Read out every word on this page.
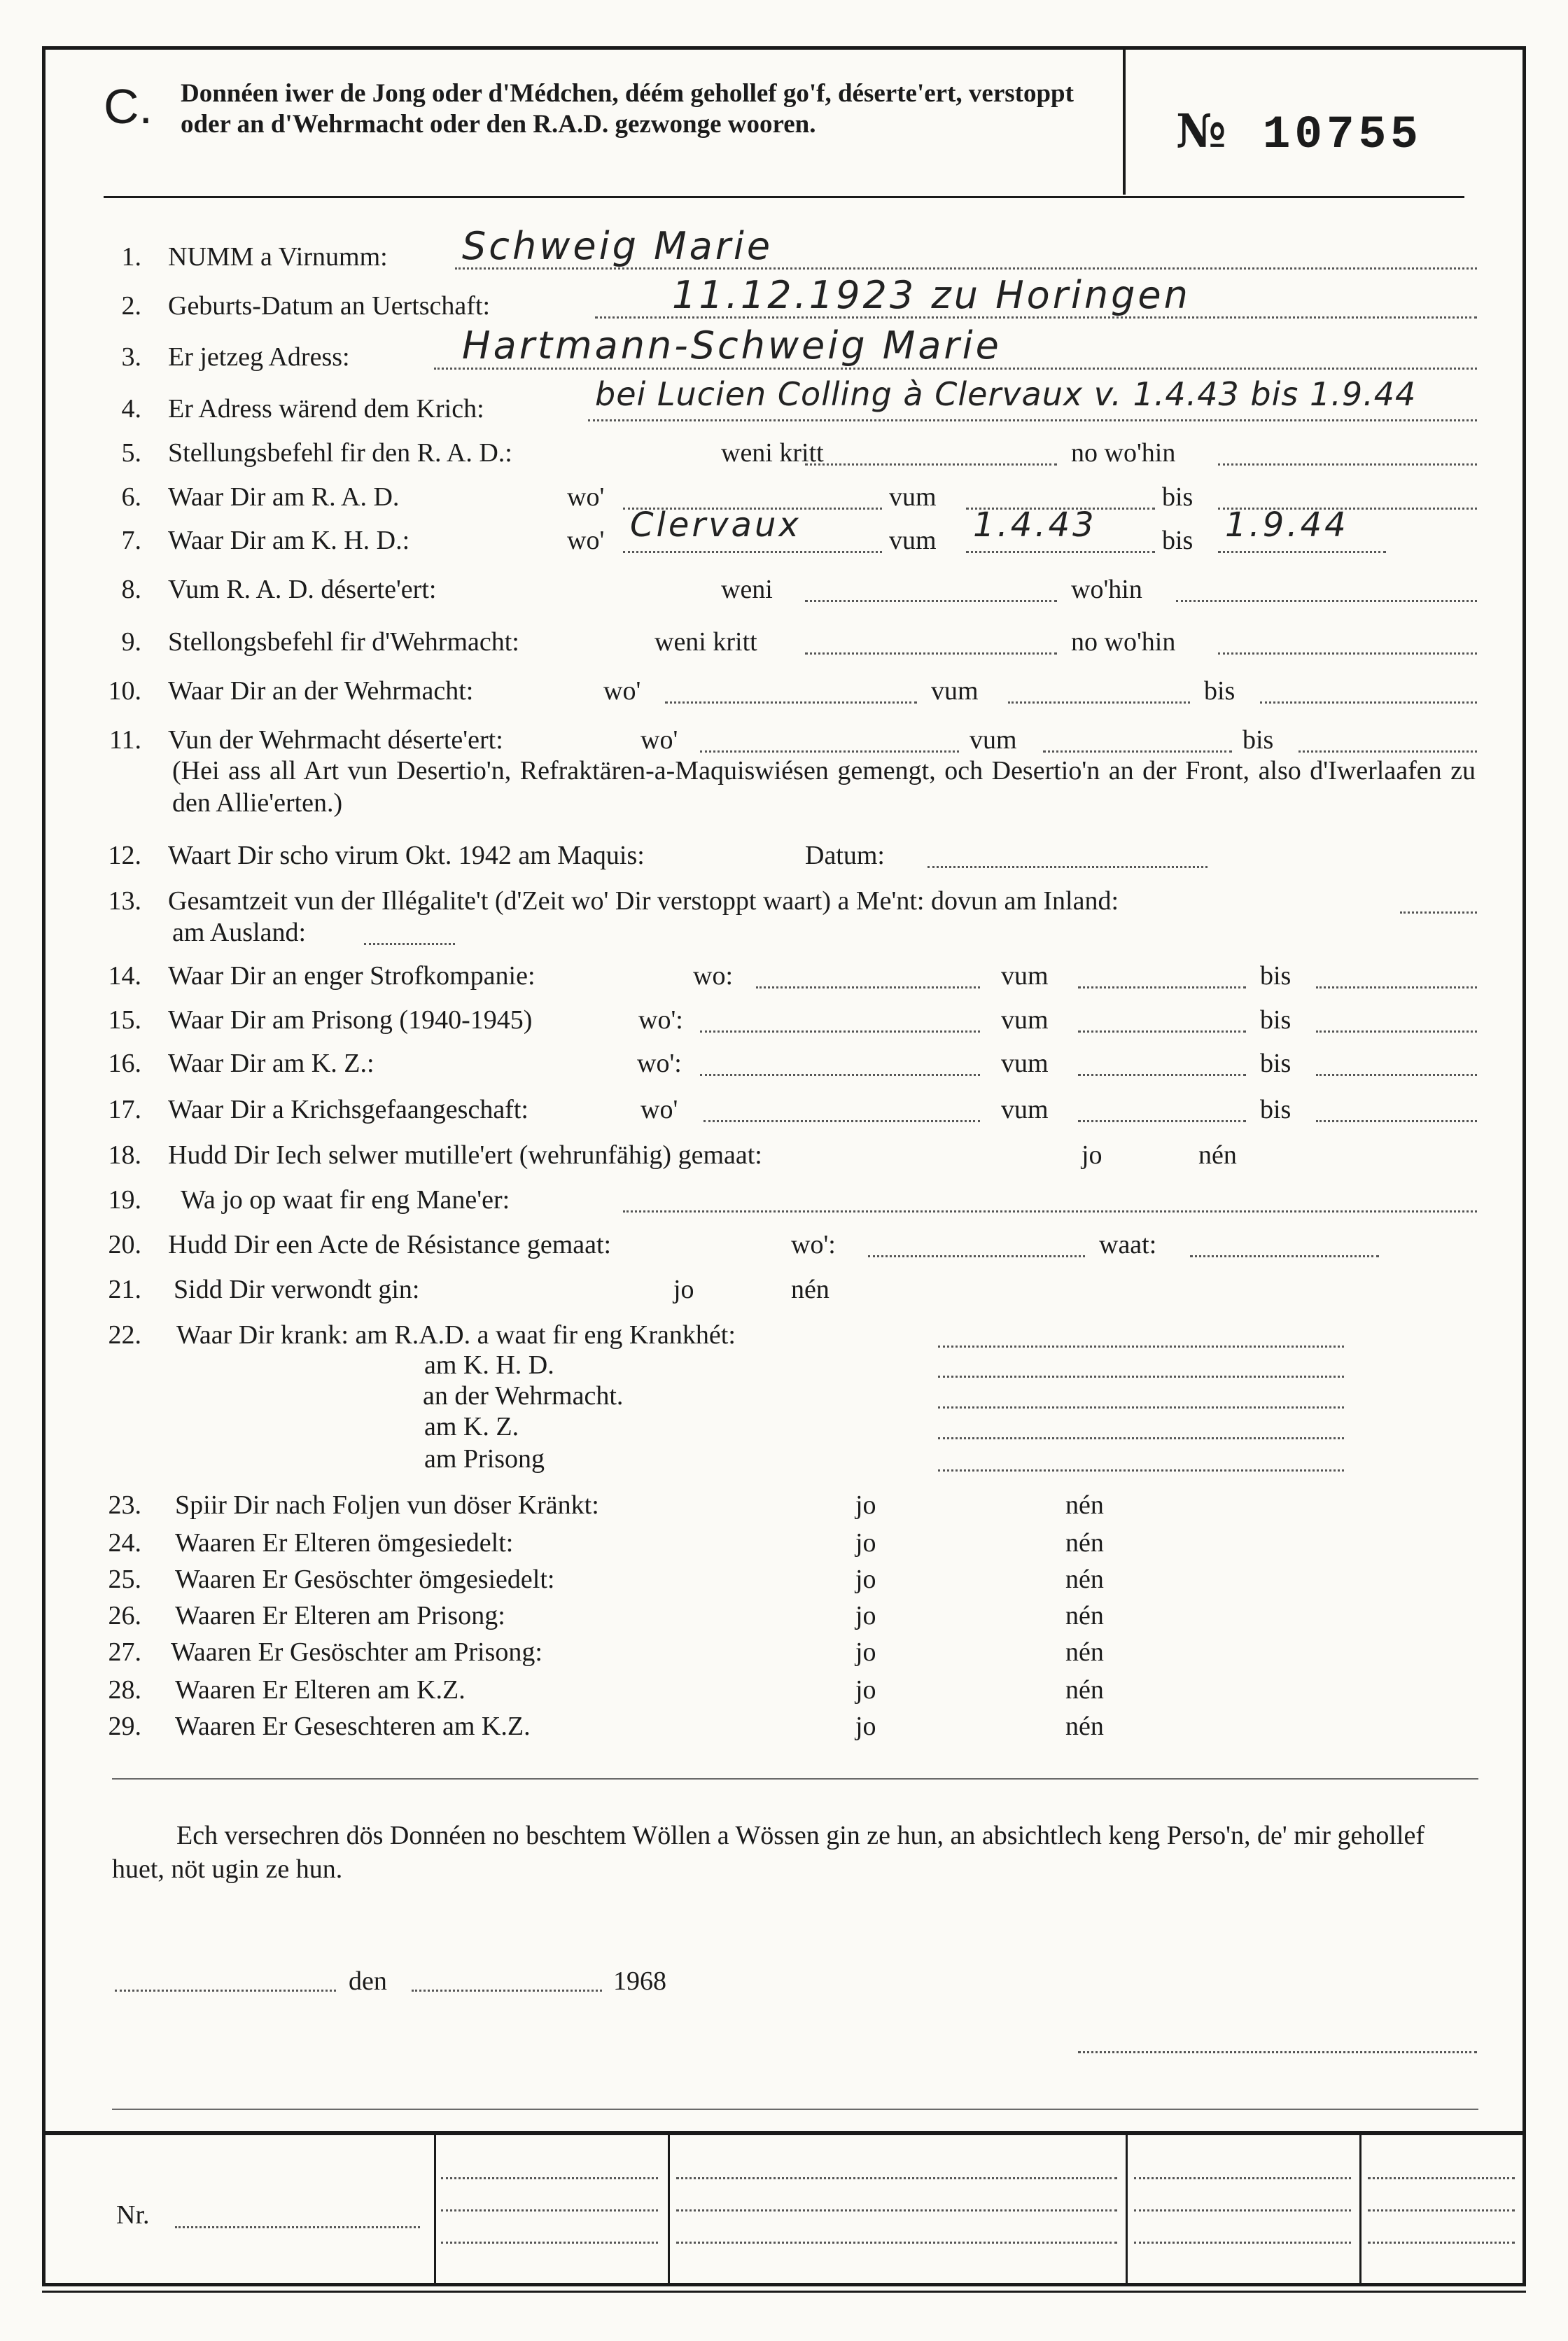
C. Donnéen iwer de Jong oder d'Médchen, déém gehollef go'f, déserte'ert, verstoppt oder an d'Wehrmacht oder den R.A.D. gezwonge wooren.	№ 10755
1. NUMM a Virnumm: Schweig Marie
2. Geburts-Datum an Uertschaft:	11.12.1923 zu Horingen
3. Er jetzeg Adress:	Hartmann-Schweig Marie
4. Er Adress wärend dem Krich:	bei Lucien Colling à Clervaux v. 1.4.43 bis 1.9.44
5. Stellungsbefehl fir den R. A. D.:	weni kritt	no wo'hin
6. Waar Dir am R. A. D.	wo'	vum	bis
7. Waar Dir am K. H. D.:	wo' Clervaux	vum 1.4.43 bis 1.9.44
8. Vum R. A. D. déserte'ert:	weni	wo'hin
9. Stellongsbefehl fir d'Wehrmacht:	weni kritt	no wo'hin
10. Waar Dir an der Wehrmacht:	wo'	vum	bis
11. Vun der Wehrmacht déserte'ert:	wo'	vum	bis
(Hei ass all Art vun Desertio'n, Refraktären-a-Maquiswiésen gemengt, och Desertio'n an der Front, also d'Iwerlaafen zu den Allie'erten.)
12. Waart Dir scho virum Okt. 1942 am Maquis:	Datum:
13. Gesamtzeit vun der Illégalite't (d'Zeit wo' Dir verstoppt waart) a Me'nt: dovun am Inland:
am Ausland:
14. Waar Dir an enger Strofkompanie:	wo:	vum	bis
15. Waar Dir am Prisong (1940-1945)	wo':	vum	bis
16. Waar Dir am K. Z.:	wo':	vum	bis
17. Waar Dir a Krichsgefaangeschaft:	wo'	vum	bis
18. Hudd Dir Iech selwer mutille'ert (wehrunfähig) gemaat:	jo	nén
19. Wa jo op waat fir eng Mane'er:
20. Hudd Dir een Acte de Résistance gemaat:	wo':	waat:
21. Sidd Dir verwondt gin:	jo	nén
22. Waar Dir krank: am R.A.D. a waat fir eng Krankhét:
am K. H. D.
an der Wehrmacht.
am K. Z.
am Prisong
23. Spiir Dir nach Foljen vun döser Kränkt:	jo	nén
24. Waaren Er Elteren ömgesiedelt:	jo	nén
25. Waaren Er Gesöschter ömgesiedelt:	jo	nén
26. Waaren Er Elteren am Prisong:	jo	nén
27. Waaren Er Gesöschter am Prisong:	jo	nén
28. Waaren Er Elteren am K.Z.	jo	nén
29. Waaren Er Geseschteren am K.Z.	jo	nén
Ech versechren dös Donnéen no beschtem Wöllen a Wössen gin ze hun, an absichtlech keng Perso'n, de' mir gehollef huet, nöt ugin ze hun.
den	1968
Nr.
